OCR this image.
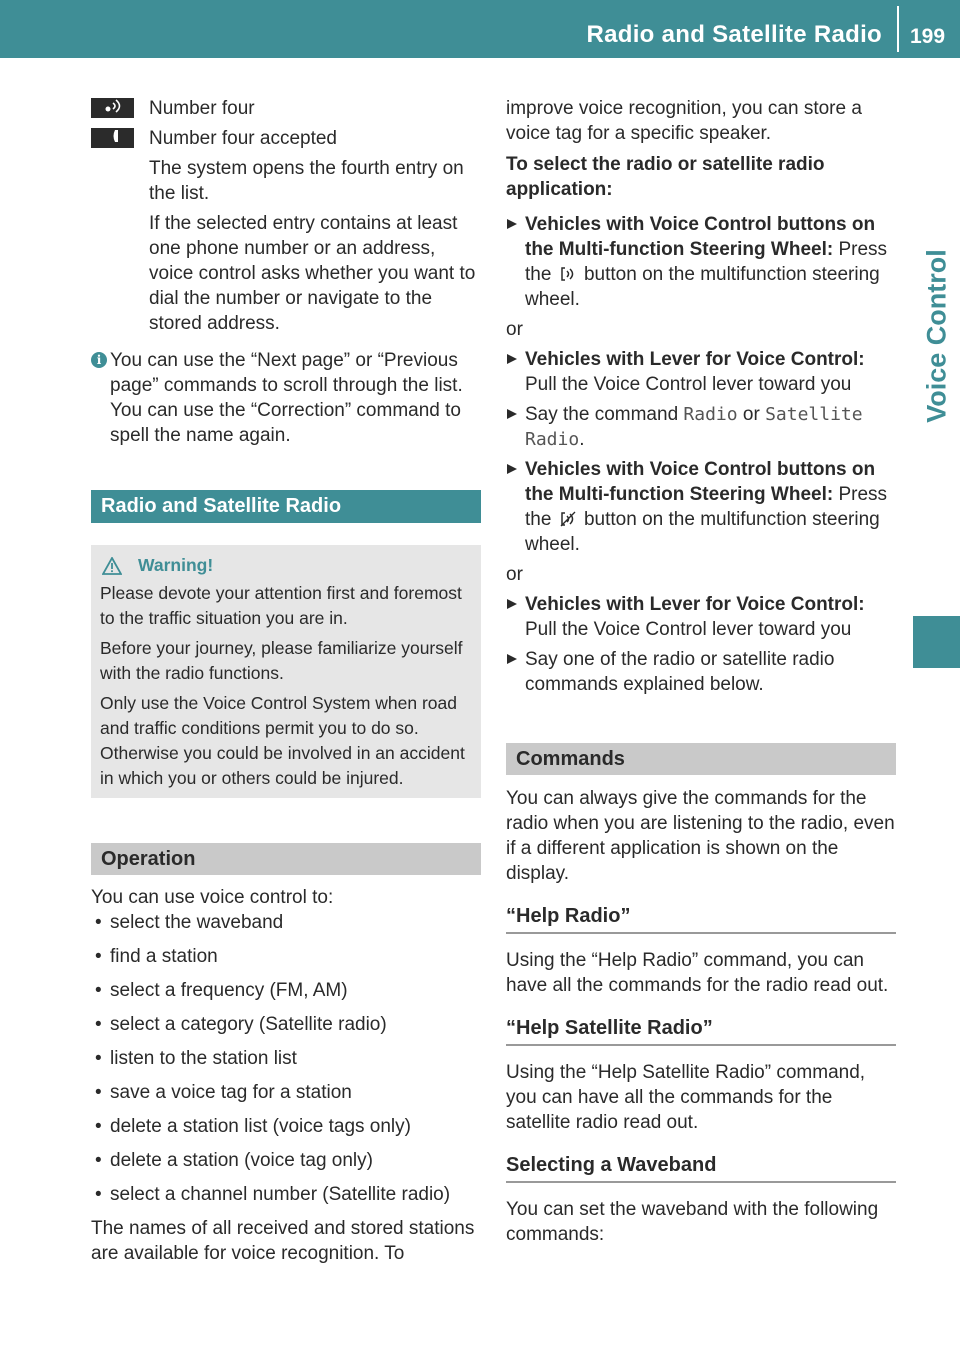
Radio and Satellite Radio 199
Voice Control

Number four

Number four accepted

The system opens the fourth entry on the list.

If the selected entry contains at least one phone number or an address, voice control asks whether you want to dial the number or navigate to the stored address.

i You can use the “Next page” or “Previous page” commands to scroll through the list. You can use the “Correction” command to spell the name again.

Radio and Satellite Radio
Warning!

Please devote your attention first and foremost to the traffic situation you are in.

Before your journey, please familiarize yourself with the radio functions.

Only use the Voice Control System when road and traffic conditions permit you to do so. Otherwise you could be involved in an accident in which you or others could be injured.

Operation

You can use voice control to:

• select the waveband
• find a station
• select a frequency (FM, AM)
• select a category (Satellite radio)
• listen to the station list
• save a voice tag for a station
• delete a station list (voice tags only)
• delete a station (voice tag only)
• select a channel number (Satellite radio)

The names of all received and stored stations are available for voice recognition. To

improve voice recognition, you can store a voice tag for a specific speaker.

To select the radio or satellite radio application:

Vehicles with Voice Control buttons on the Multi-function Steering Wheel: Press the button on the multifunction steering wheel.

or

Vehicles with Lever for Voice Control: Pull the Voice Control lever toward you
Say the command Radio or Satellite Radio.
Vehicles with Voice Control buttons on the Multi-function Steering Wheel: Press the button on the multifunction steering wheel.

or

Vehicles with Lever for Voice Control: Pull the Voice Control lever toward you
Say one of the radio or satellite radio commands explained below.
Commands

You can always give the commands for the radio when you are listening to the radio, even if a different application is shown on the display.

“Help Radio”

Using the “Help Radio” command, you can have all the commands for the radio read out.

“Help Satellite Radio”

Using the “Help Satellite Radio” command, you can have all the commands for the satellite radio read out.

Selecting a Waveband

You can set the waveband with the following commands:
